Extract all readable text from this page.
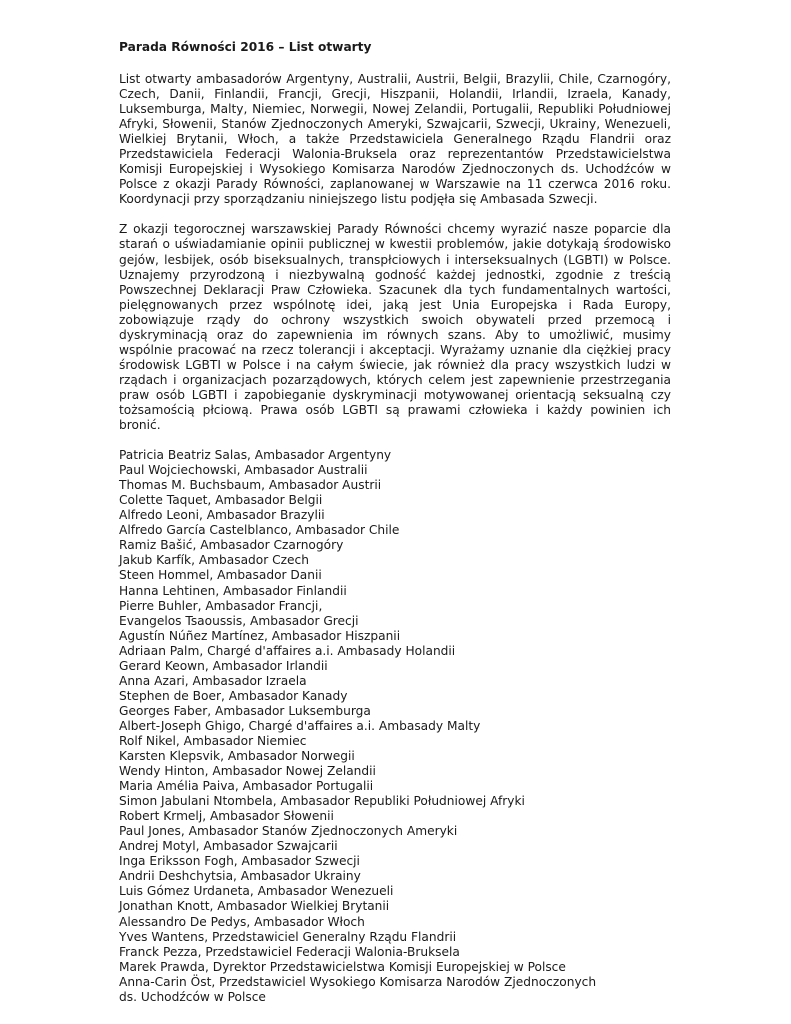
Parada Równości 2016 – List otwarty

List otwarty ambasadorów Argentyny, Australii, Austrii, Belgii, Brazylii, Chile, Czarnogóry, Czech, Danii, Finlandii, Francji, Grecji, Hiszpanii, Holandii, Irlandii, Izraela, Kanady, Luksemburga, Malty, Niemiec, Norwegii, Nowej Zelandii, Portugalii, Republiki Południowej Afryki, Słowenii, Stanów Zjednoczonych Ameryki, Szwajcarii, Szwecji, Ukrainy, Wenezueli, Wielkiej Brytanii, Włoch, a także Przedstawiciela Generalnego Rządu Flandrii oraz Przedstawiciela Federacji Walonia-Bruksela oraz reprezentantów Przedstawicielstwa Komisji Europejskiej i Wysokiego Komisarza Narodów Zjednoczonych ds. Uchodźców w Polsce z okazji Parady Równości, zaplanowanej w Warszawie na 11 czerwca 2016 roku. Koordynacji przy sporządzaniu niniejszego listu podjęła się Ambasada Szwecji.

Z okazji tegorocznej warszawskiej Parady Równości chcemy wyrazić nasze poparcie dla starań o uświadamianie opinii publicznej w kwestii problemów, jakie dotykają środowisko gejów, lesbijek, osób biseksualnych, transpłciowych i interseksualnych (LGBTI) w Polsce. Uznajemy przyrodzoną i niezbywalną godność każdej jednostki, zgodnie z treścią Powszechnej Deklaracji Praw Człowieka. Szacunek dla tych fundamentalnych wartości, pielęgnowanych przez wspólnotę idei, jaką jest Unia Europejska i Rada Europy, zobowiązuje rządy do ochrony wszystkich swoich obywateli przed przemocą i dyskryminacją oraz do zapewnienia im równych szans. Aby to umożliwić, musimy wspólnie pracować na rzecz tolerancji i akceptacji. Wyrażamy uznanie dla ciężkiej pracy środowisk LGBTI w Polsce i na całym świecie, jak również dla pracy wszystkich ludzi w rządach i organizacjach pozarządowych, których celem jest zapewnienie przestrzegania praw osób LGBTI i zapobieganie dyskryminacji motywowanej orientacją seksualną czy tożsamością płciową. Prawa osób LGBTI są prawami człowieka i każdy powinien ich bronić.

Patricia Beatriz Salas, Ambasador Argentyny
Paul Wojciechowski, Ambasador Australii
Thomas M. Buchsbaum, Ambasador Austrii
Colette Taquet, Ambasador Belgii
Alfredo Leoni, Ambasador Brazylii
Alfredo García Castelblanco, Ambasador Chile
Ramiz Bašić, Ambasador Czarnogóry
Jakub Karfík, Ambasador Czech
Steen Hommel, Ambasador Danii
Hanna Lehtinen, Ambasador Finlandii
Pierre Buhler, Ambasador Francji,
Evangelos Tsaoussis, Ambasador Grecji
Agustín Núñez Martínez, Ambasador Hiszpanii
Adriaan Palm, Chargé d'affaires a.i. Ambasady Holandii
Gerard Keown, Ambasador Irlandii
Anna Azari, Ambasador Izraela
Stephen de Boer, Ambasador Kanady
Georges Faber, Ambasador Luksemburga
Albert-Joseph Ghigo, Chargé d'affaires a.i. Ambasady Malty
Rolf Nikel, Ambasador Niemiec
Karsten Klepsvik, Ambasador Norwegii
Wendy Hinton, Ambasador Nowej Zelandii
Maria Amélia Paiva, Ambasador Portugalii
Simon Jabulani Ntombela, Ambasador Republiki Południowej Afryki
Robert Krmelj, Ambasador Słowenii
Paul Jones, Ambasador Stanów Zjednoczonych Ameryki
Andrej Motyl, Ambasador Szwajcarii
Inga Eriksson Fogh, Ambasador Szwecji
Andrii Deshchytsia, Ambasador Ukrainy
Luis Gómez Urdaneta, Ambasador Wenezueli
Jonathan Knott, Ambasador Wielkiej Brytanii
Alessandro De Pedys, Ambasador Włoch
Yves Wantens, Przedstawiciel Generalny Rządu Flandrii
Franck Pezza, Przedstawiciel Federacji Walonia-Bruksela
Marek Prawda, Dyrektor Przedstawicielstwa Komisji Europejskiej w Polsce
Anna-Carin Öst, Przedstawiciel Wysokiego Komisarza Narodów Zjednoczonych ds. Uchodźców w Polsce
